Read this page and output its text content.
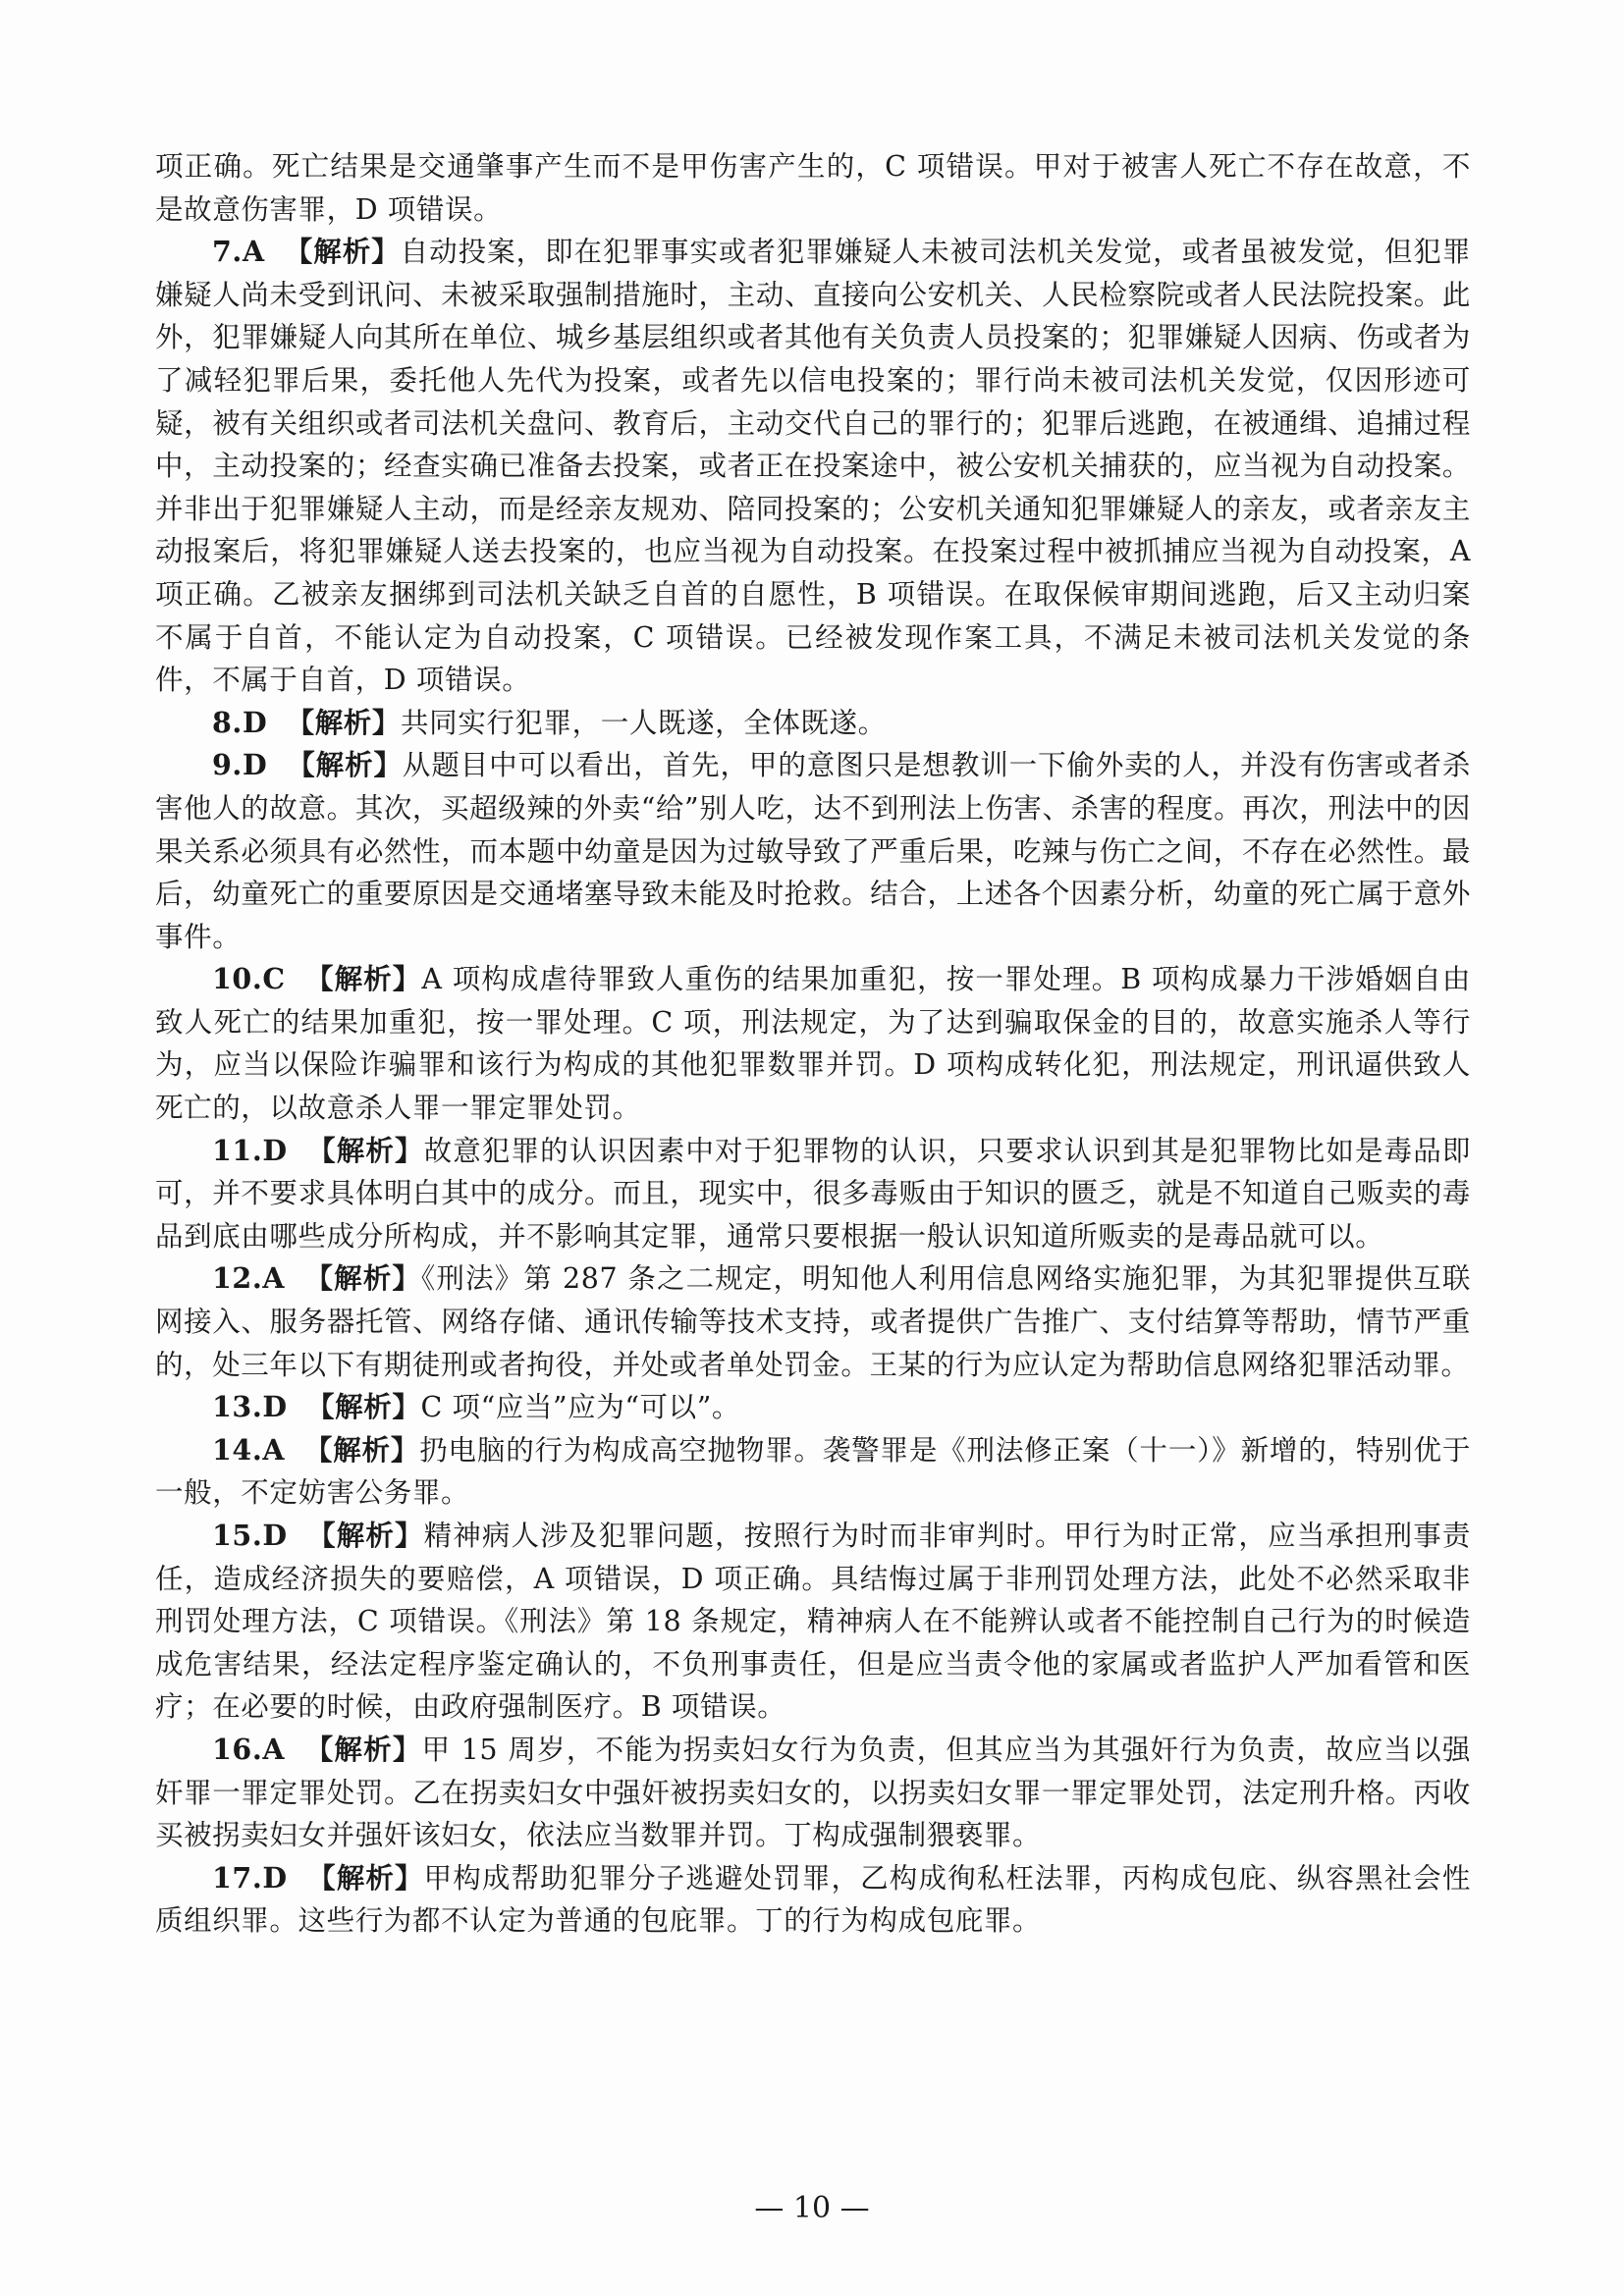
项正确。死亡结果是交通肇事产生而不是甲伤害产生的，C 项错误。甲对于被害人死亡不存在故意，不是故意伤害罪，D 项错误。

7.A 【解析】自动投案，即在犯罪事实或者犯罪嫌疑人未被司法机关发觉，或者虽被发觉，但犯罪嫌疑人尚未受到讯问、未被采取强制措施时，主动、直接向公安机关、人民检察院或者人民法院投案。此外，犯罪嫌疑人向其所在单位、城乡基层组织或者其他有关负责人员投案的；犯罪嫌疑人因病、伤或者为了减轻犯罪后果，委托他人先代为投案，或者先以信电投案的；罪行尚未被司法机关发觉，仅因形迹可疑，被有关组织或者司法机关盘问、教育后，主动交代自己的罪行的；犯罪后逃跑，在被通缉、追捕过程中，主动投案的；经查实确已准备去投案，或者正在投案途中，被公安机关捕获的，应当视为自动投案。并非出于犯罪嫌疑人主动，而是经亲友规劝、陪同投案的；公安机关通知犯罪嫌疑人的亲友，或者亲友主动报案后，将犯罪嫌疑人送去投案的，也应当视为自动投案。在投案过程中被抓捕应当视为自动投案，A 项正确。乙被亲友捆绑到司法机关缺乏自首的自愿性，B 项错误。在取保候审期间逃跑，后又主动归案不属于自首，不能认定为自动投案，C 项错误。已经被发现作案工具，不满足未被司法机关发觉的条件，不属于自首，D 项错误。

8.D 【解析】共同实行犯罪，一人既遂，全体既遂。

9.D 【解析】从题目中可以看出，首先，甲的意图只是想教训一下偷外卖的人，并没有伤害或者杀害他人的故意。其次，买超级辣的外卖“给”别人吃，达不到刑法上伤害、杀害的程度。再次，刑法中的因果关系必须具有必然性，而本题中幼童是因为过敏导致了严重后果，吃辣与伤亡之间，不存在必然性。最后，幼童死亡的重要原因是交通堵塞导致未能及时抢救。结合，上述各个因素分析，幼童的死亡属于意外事件。

10.C 【解析】A 项构成虐待罪致人重伤的结果加重犯，按一罪处理。B 项构成暴力干涉婚姻自由致人死亡的结果加重犯，按一罪处理。C 项，刑法规定，为了达到骗取保金的目的，故意实施杀人等行为，应当以保险诈骗罪和该行为构成的其他犯罪数罪并罚。D 项构成转化犯，刑法规定，刑讯逼供致人死亡的，以故意杀人罪一罪定罪处罚。

11.D 【解析】故意犯罪的认识因素中对于犯罪物的认识，只要求认识到其是犯罪物比如是毒品即可，并不要求具体明白其中的成分。而且，现实中，很多毒贩由于知识的匮乏，就是不知道自己贩卖的毒品到底由哪些成分所构成，并不影响其定罪，通常只要根据一般认识知道所贩卖的是毒品就可以。

12.A 【解析】《刑法》第 287 条之二规定，明知他人利用信息网络实施犯罪，为其犯罪提供互联网接入、服务器托管、网络存储、通讯传输等技术支持，或者提供广告推广、支付结算等帮助，情节严重的，处三年以下有期徒刑或者拘役，并处或者单处罚金。王某的行为应认定为帮助信息网络犯罪活动罪。

13.D 【解析】C 项“应当”应为“可以”。

14.A 【解析】扔电脑的行为构成高空抛物罪。袭警罪是《刑法修正案（十一）》新增的，特别优于一般，不定妨害公务罪。

15.D 【解析】精神病人涉及犯罪问题，按照行为时而非审判时。甲行为时正常，应当承担刑事责任，造成经济损失的要赔偿，A 项错误，D 项正确。具结悔过属于非刑罚处理方法，此处不必然采取非刑罚处理方法，C 项错误。《刑法》第 18 条规定，精神病人在不能辨认或者不能控制自己行为的时候造成危害结果，经法定程序鉴定确认的，不负刑事责任，但是应当责令他的家属或者监护人严加看管和医疗；在必要的时候，由政府强制医疗。B 项错误。

16.A 【解析】甲 15 周岁，不能为拐卖妇女行为负责，但其应当为其强奸行为负责，故应当以强奸罪一罪定罪处罚。乙在拐卖妇女中强奸被拐卖妇女的，以拐卖妇女罪一罪定罪处罚，法定刑升格。丙收买被拐卖妇女并强奸该妇女，依法应当数罪并罚。丁构成强制猥亵罪。

17.D 【解析】甲构成帮助犯罪分子逃避处罚罪，乙构成徇私枉法罪，丙构成包庇、纵容黑社会性质组织罪。这些行为都不认定为普通的包庇罪。丁的行为构成包庇罪。

— 10 —
